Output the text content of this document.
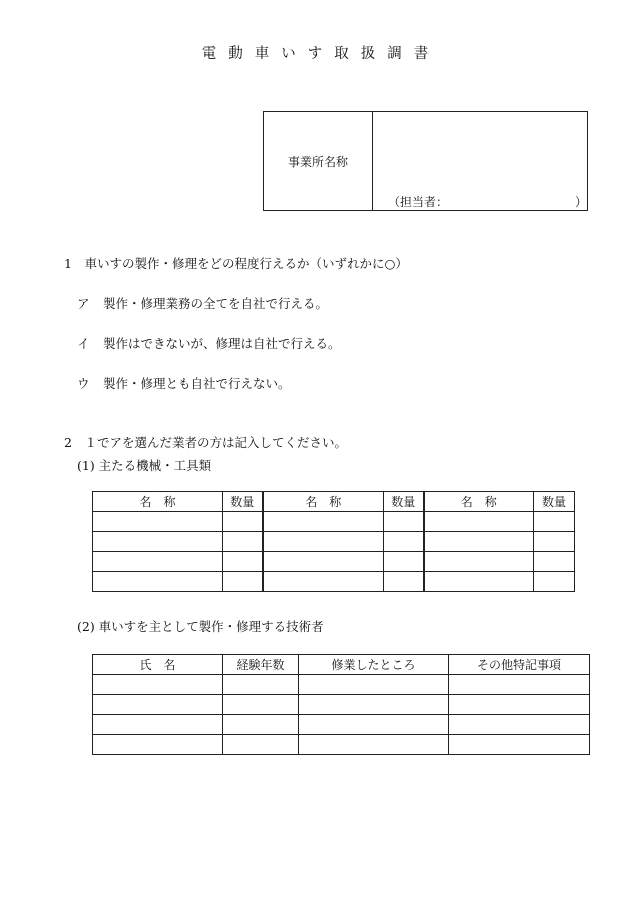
電動車いす取扱調書
事業所名称
（担当者：	）
1　車いすの製作・修理をどの程度行えるか（いずれかに○）
ア 製作・修理業務の全てを自社で行える。
イ 製作はできないが、修理は自社で行える。
ウ 製作・修理とも自社で行えない。
2　１でアを選んだ業者の方は記入してください。
(1) 主たる機械・工具類
名　称	数量	名　称	数量	名　称	数量

(2) 車いすを主として製作・修理する技術者
氏　名	経験年数	修業したところ	その他特記事項
